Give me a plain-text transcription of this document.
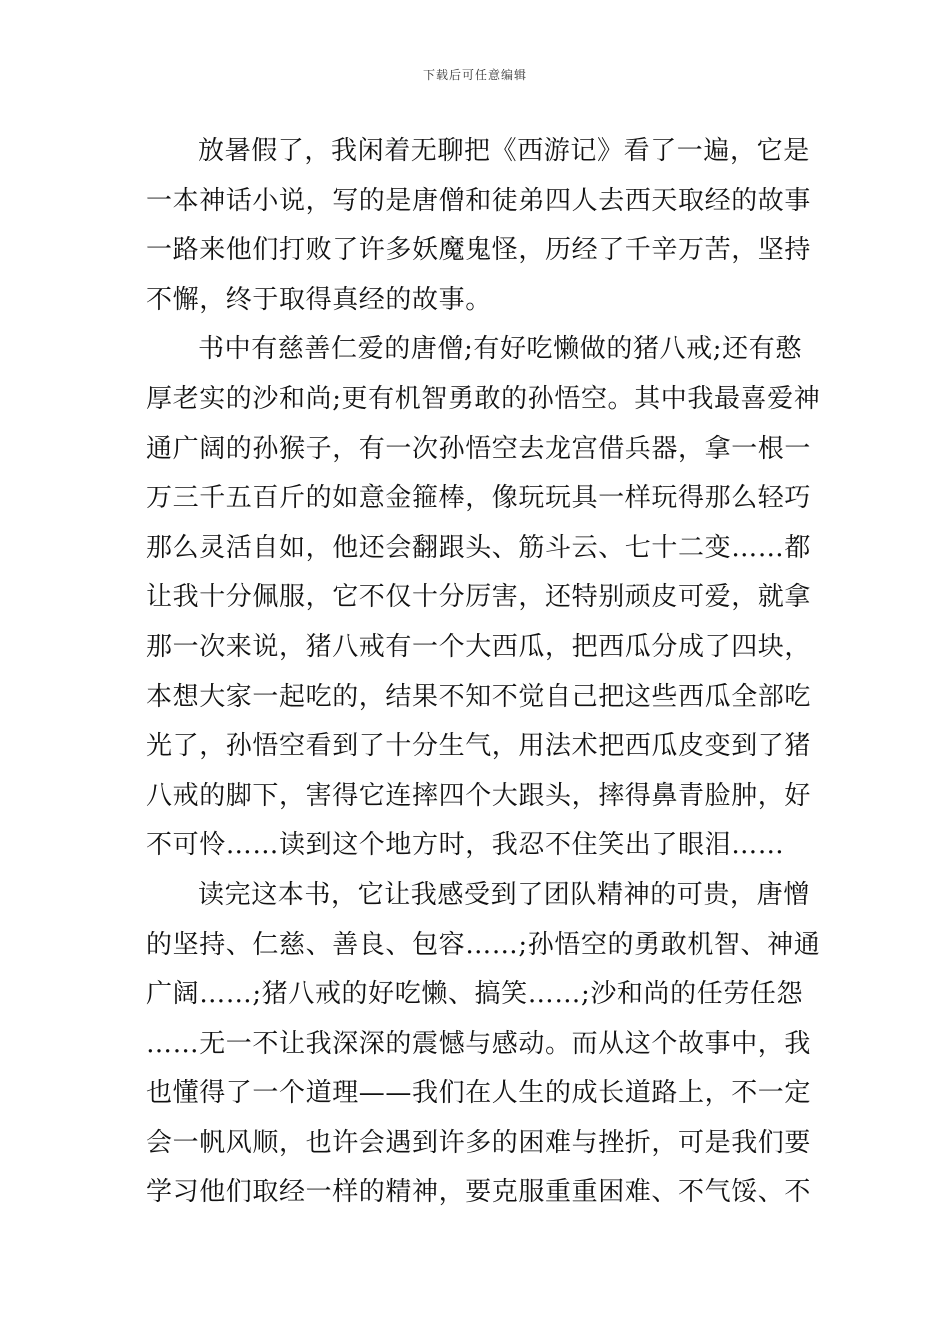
下载后可任意编辑
放暑假了，我闲着无聊把《西游记》看了一遍，它是
一本神话小说，写的是唐僧和徒弟四人去西天取经的故事
一路来他们打败了许多妖魔鬼怪，历经了千辛万苦，坚持
不懈，终于取得真经的故事。
书中有慈善仁爱的唐僧;有好吃懒做的猪八戒;还有憨
厚老实的沙和尚;更有机智勇敢的孙悟空。其中我最喜爱神
通广阔的孙猴子，有一次孙悟空去龙宫借兵器，拿一根一
万三千五百斤的如意金箍棒，像玩玩具一样玩得那么轻巧
那么灵活自如，他还会翻跟头、筋斗云、七十二变……都
让我十分佩服，它不仅十分厉害，还特别顽皮可爱，就拿
那一次来说，猪八戒有一个大西瓜，把西瓜分成了四块，
本想大家一起吃的，结果不知不觉自己把这些西瓜全部吃
光了，孙悟空看到了十分生气，用法术把西瓜皮变到了猪
八戒的脚下，害得它连摔四个大跟头，摔得鼻青脸肿，好
不可怜……读到这个地方时，我忍不住笑出了眼泪……
读完这本书，它让我感受到了团队精神的可贵，唐憎
的坚持、仁慈、善良、包容……;孙悟空的勇敢机智、神通
广阔……;猪八戒的好吃懒、搞笑……;沙和尚的任劳任怨
……无一不让我深深的震憾与感动。而从这个故事中，我
也懂得了一个道理——我们在人生的成长道路上，不一定
会一帆风顺，也许会遇到许多的困难与挫折，可是我们要
学习他们取经一样的精神，要克服重重困难、不气馁、不
